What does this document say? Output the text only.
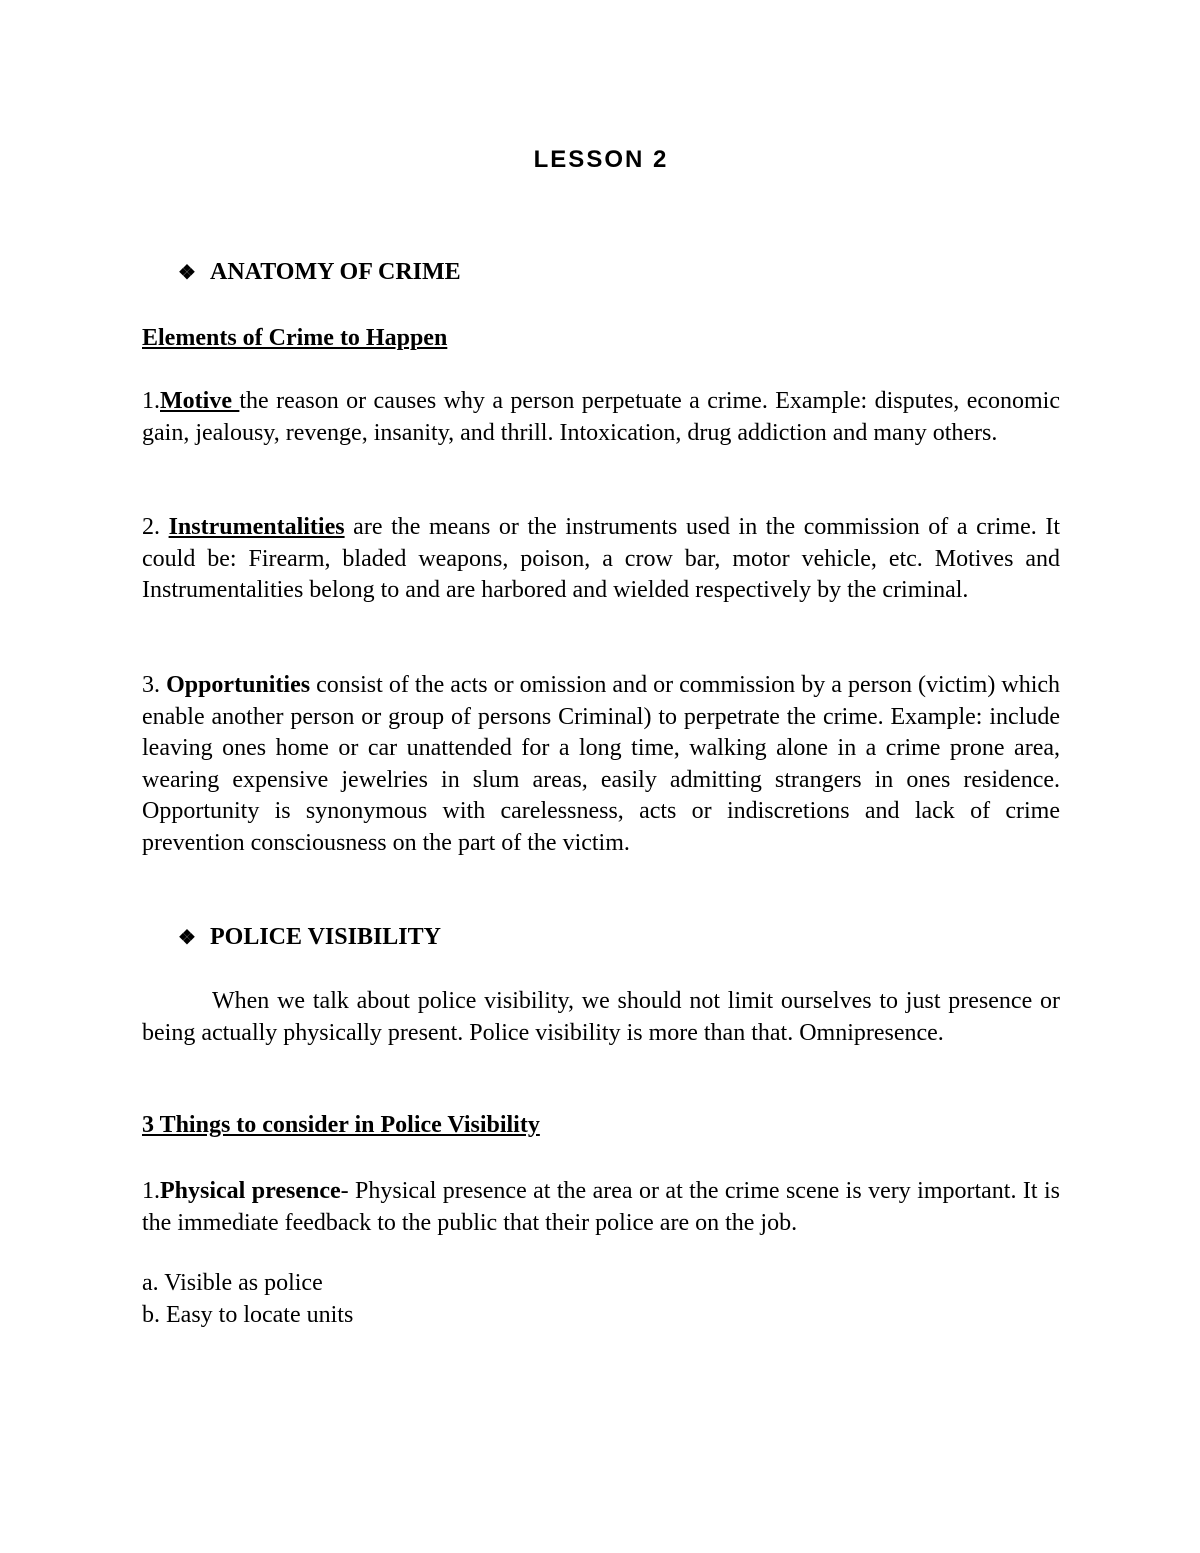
LESSON 2
❖ ANATOMY OF CRIME
Elements of Crime to Happen
1.Motive the reason or causes why a person perpetuate a crime. Example: disputes, economic gain, jealousy, revenge, insanity, and thrill. Intoxication, drug addiction and many others.
2. Instrumentalities are the means or the instruments used in the commission of a crime. It could be: Firearm, bladed weapons, poison, a crow bar, motor vehicle, etc. Motives and Instrumentalities belong to and are harbored and wielded respectively by the criminal.
3. Opportunities consist of the acts or omission and or commission by a person (victim) which enable another person or group of persons Criminal) to perpetrate the crime. Example: include leaving ones home or car unattended for a long time, walking alone in a crime prone area, wearing expensive jewelries in slum areas, easily admitting strangers in ones residence. Opportunity is synonymous with carelessness, acts or indiscretions and lack of crime prevention consciousness on the part of the victim.
❖ POLICE VISIBILITY
When we talk about police visibility, we should not limit ourselves to just presence or being actually physically present. Police visibility is more than that. Omnipresence.
3 Things to consider in Police Visibility
1.Physical presence- Physical presence at the area or at the crime scene is very important. It is the immediate feedback to the public that their police are on the job.
a. Visible as police
b. Easy to locate units
